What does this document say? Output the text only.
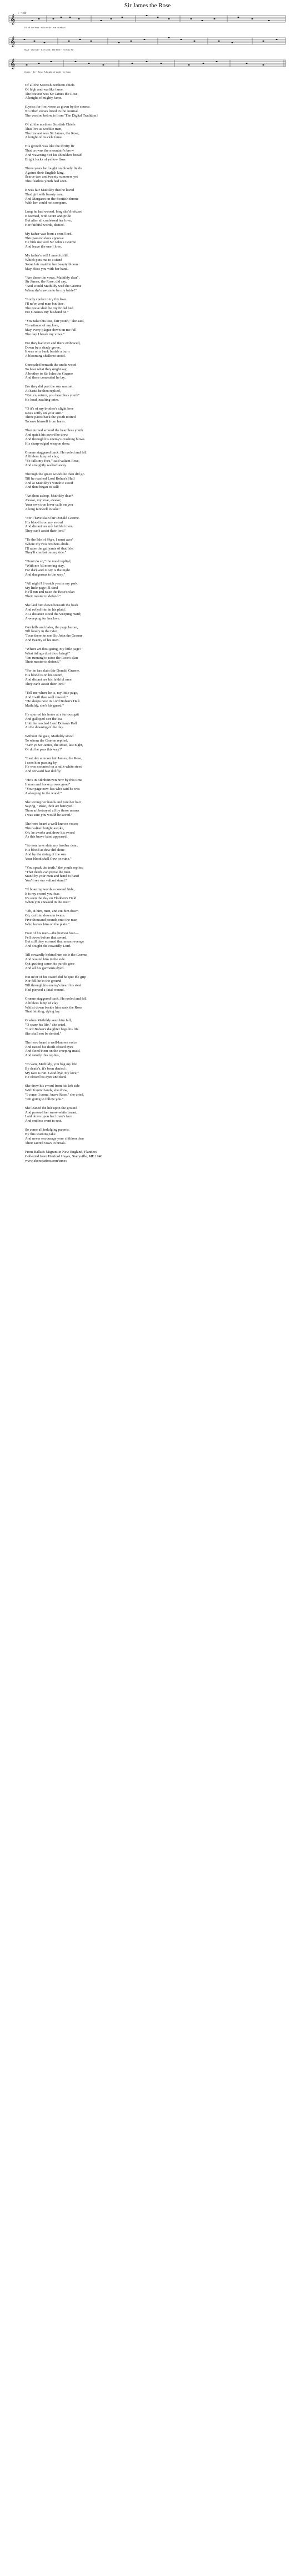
Sir James the Rose
𝄞
♩=100
𝄞
𝄞
Of all the Scot - tish north - ern chiefs of
high - and war - like fame, The brav - est was Sir
James - the - Rose, A knight of migh - ty fame.
Of all the Scottish northern chiefs
Of high and warlike fame,
The bravest was Sir James the Rose,
A knight of mighty fame.
(Lyrics for first verse as given by the source.
No other verses listed in the Journal.
The version below is from 'The Digital Tradition]
Of all the northern Scottish Chiefs
That live as warlike men,
The bravest was Sir James, the Rose,
A knight of muckle fame.
His growth was like the thrifty fir
That crowns the mountain's brow
And wavering o'er his shoulders broad
Bright locks of yellow flow.
Three years he fought on bloody fields
Against their English king.
Scarce two and twenty summers yet
This fearless youth had seen.
It was fair Mathildy that he loved
That girl with beauty rare,
And Margaret on the Scottish throne
With her could not compare.
Long he had wooed, long she'd refused
It seemed, with scorn and pride
But after all confessed her love;
Her faithful words, denied.
My father was born a cruel lord.
This passion does approve
He bids me wed Sir John a Græme
And leave the one I love.
My father's will I must fulfill,
Which puts me to a stand
Some fair maid in her beauty bloom
May bless you with her hand.
"Are those the vows, Mathildy dear",
Sir James, the Rose, did say,
"And would Mathildy wed the Græme
When she's sworn to be my bride?"
"I only spoke to try thy love.
I'll ne'er wed man but thee.
The grave shall be my bridal bed
Ere Græmes my husband be."
"You take this kiss, fair youth," she said,
"In witness of my love,
May every plague down on me fall
The day I break my vows."
Ere they had met and there embraced,
Down by a shady grove,
It was on a bank beside a burn
A blooming shelltree stood.
Concealed beneath the undie wood
To hear what they might say,
A brother to Sir John the Græme
And there concealed he lay.
Ere they did part the sun was set.
At haste he then replied,
"Return, return, you beardless youth"
He loud insulting cries.
"O it's of my brother's slight love
Rests softly on your arm."
Three paces back the youth retired
To save himself from harm.
Then turned around the beardless youth
And quick his sword he drew
And through his enemy's crashing blows
His sharp-edged weapon drew.
Græme staggered back. He reeled and fell
A lifeless lump of clay;
"So falls my foes," said valiant Rose,
And straightly walked away.
Through the green woods he then did go
Till he reached Lord Bohan's Hall
And at Mathildy's window stood
And thus began to call:
"Art thou asleep, Mathildy dear?
Awake, my love, awake;
Your own true lover calls on you
A long farewell to take."
"For I have slain fair Donald Græme.
His blood is on my sword
And distant are my faithful men.
They can't assist their lord."
"To the Isle of Skye, I must awa'
Where my two brothers abide.
I'll raise the gallyants of that Isle.
They'll combat on my side."
"Don't do so," the maid replied,
"With me 'til morning stay,
For dark and misty is the night
And dangerous is the way."
"All night I'll watch you in my park.
My little page I'll send
He'll run and raise the Rose's clan
Their master to defend."
She laid him down beneath the bush
And rolled him in his plaid.
At a distance stood the weeping maid;
A-weeping for her love.
O'er hills and dales, the page he ran,
Till lonely in the Glen,
'Twas there he met Sir John the Græme
And twenty of his men.
"Where art thou going, my little page?
What tidings dost thou bring?"
"I'm running to raise the Rose's clan
Their master to defend."
"For he has slain fair Donald Græme.
His blood is on his sword,
And distant are his faithful men
They can't assist their lord."
"Tell me where he is, my little page,
And I will thee well reward."
"He sleeps now in Lord Bohan's Hall.
Mathildy, she's his guard."
He spurred his horse at a furious gait
And galloped o'er the lea
Until he reached Lord Bohan's Hall
At the dawning of the day.
Without the gate, Mathildy stood
To whom the Græme replied,
"Saw ye Sir James, the Rose, last night,
Or did he pass this way?"
"Last day at noon fair James, the Rose,
I seen him passing by.
He was mounted on a milk-white steed
And forward fast did fly.
"He's in Edinbortown now by this time
If man and horse proves good"
"Your page now lies who said he was
A-sleeping in the wood."
She wrung her hands and tore her hair
Saying, "Rose, thou art betrayed.
Thou art betrayed all by those means
I was sure you would be saved."
The hero heard a well-known voice;
This valiant knight awoke,
Oh, he awoke and drew his sword
As this brave band appeared.
"So you have slain my brother dear;
His blood as dew did shine
And by the rising of the sun
Your blood shall flow or mine."
"You speak the truth," the youth replies,
"That deeds can prove the man.
Stand by your men and hand to hand
You'll see our valiant stand."
"If boasting words a coward hide,
It is my sword you fear.
It's seen the day on Flodden's Field
When you sneaked in the rear."
"Oh, at him, men, and cut him down
Oh, cut him down in twain.
Five thousand pounds onto the man
Who leaves him on the plain."
Four of his men—the bravest four—
Fell down before that sword,
But still they scorned that mean revenge
And sought the cowardly Lord.
Till cowardly behind him stole the Græme
And wound him in the side.
Out gushing came his purple gore
And all his garments dyed.
But ne'er of his sword did he quit the grip
Nor fell he to the ground
Till through his enemy's heart his steel
Had pierced a fatal wound.
Græme staggered back. He reeled and fell
A lifeless lump of clay
Whilst down beside him sank the Rose
That fainting, dying lay.
O when Mathildy seen him fall,
"O spare his life," she cried,
"Lord Bohan's daughter begs his life.
She shall not be denied."
The hero heard a well-known voice
And raised his death-closed eyes
And fixed them on the weeping maid,
And faintly this replies,
"In vain, Mathildy, you beg my life
By death's, it's been denied ;
My race is run. Good-bye, my love,"
He closed his eyes and died.
She drew his sword from his left side
With frantic hands, she drew,
"I come, I come, brave Rose," she cried,
"I'm going to follow you."
She leaned the hilt upon the ground
And pressed her snow-white breast;
Laid down upon her lover's face
And endless went to rest.
So come all indulging parents,
By this warning take
And never encourage your children dear
Their sacred vows to break.
From Ballads Migrant in New England, Flanders
Collected from Hanford Hayes, Stacyville, ME 1940
www.abcnotation.com/tunes
